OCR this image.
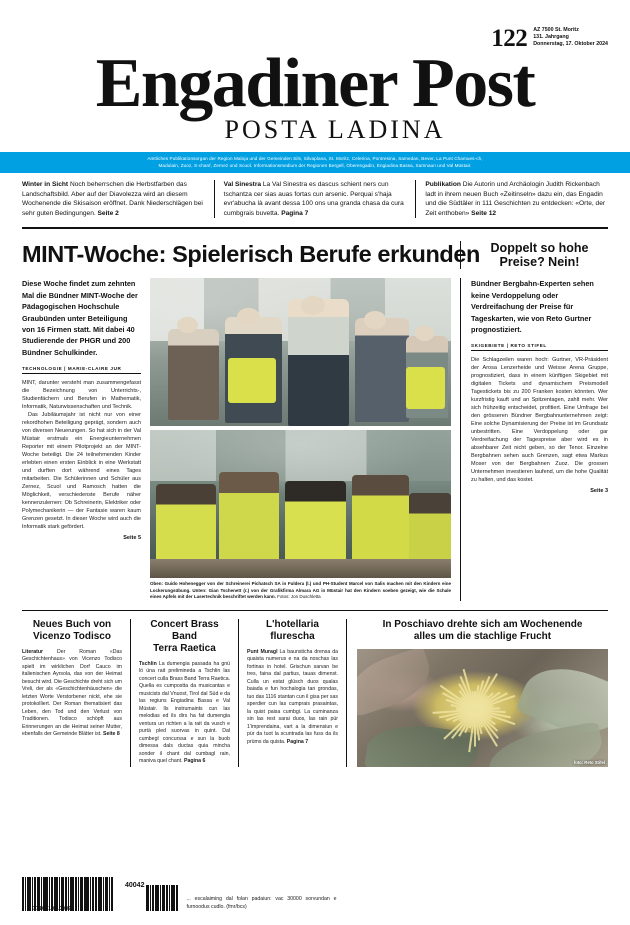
122 AZ 7500 St. Moritz
131. Jahrgang
Donnerstag, 17. Oktober 2024
Engadiner Post
POSTA LADINA
Amtliches Publikationsorgan der Region Maloja und der Gemeinden Sils, Silvaplana, St. Moritz, Celerina, Pontresina, Samedan, Bever, La Punt Chamues-ch,
Madulain, Zuoz, S-chanf, Zernez und Scuol. Informationsmedium der Regionen Bergell, Oberengadin, Engiadina Bassa, Samnaun und Val Müstair.
Winter in Sicht Noch beherrschen die Herbstfarben das Landschaftsbild. Aber auf der Diavolezza wird an diesem Wochenende die Skisaison eröffnet. Dank Niederschlägen bei sehr guten Bedingungen. Seite 2
Val Sinestra La Val Sinestra es dascus schient ners cun tschantza cer sias auas fortas cun arsenic. Perquai s'haja evr'abucha là avant dessa 100 ons una granda chasa da cura cumbgrais buvetta. Pagina 7
Publikation Die Autorin und Archäologin Judith Rickenbach ladt in ihrem neuen Buch «Zeitinseln» dazu ein, das Engadin und die Südtäler in 111 Geschichten zu entdecken: «Orte, der Zeit enthoben» Seite 12
MINT-Woche: Spielerisch Berufe erkunden Doppelt so hohe Preise? Nein!

Diese Woche findet zum zehnten Mal die Bündner MINT-Woche der Pädagogischen Hochschule Graubünden unter Beteiligung von 16 Firmen statt. Mit dabei 40 Studierende der PHGR und 200 Bündner Schulkinder.

TECHNOLOGIE | MARIE-CLAIRE JUR

MINT, darunter versteht man zusammengefasst die Bezeichnung von Unterrichts-, Studienfächern und Berufen in Mathematik, Informatik, Naturwissenschaften und Technik.

Das Jubiläumsjahr ist nicht nur von einer rekordhohen Beteiligung geprägt, sondern auch von diversen Neuerungen. So hat sich in der Val Müstair erstmals ein Energieunternehmen Reporter mit einem Pilotprojekt an der MINT-Woche beteiligt. Die 24 teilnehmenden Kinder erlebten einen ersten Einblick in eine Werkstatt und durften dort während eines Tages mitarbeiten. Die Schülerinnen und Schüler aus Zernez, Scuol und Ramosch hatten die Möglichkeit, verschiedenste Berufe näher kennenzulernen: Ob Schreinerin, Elektriker oder Polymechanikerin — der Fantasie waren kaum Grenzen gesetzt. In dieser Woche wird auch die Informatik stark gefördert.

Seite 5
Oben: Guido Hohenegger von der Schreinerei Pichatsch SA in Fuldera (l.) und PH-Student Marcel von Salis machen mit den Kindern eine Lockerungsübung. Unten: Gian Tschenett (r.) von der Grafikfirma Almara AG in Müstair hat den Kindern soeben gezeigt, wie die Schale eines Apfels mit der Lasertechnik beschriftet werden kann. Fotos: Jon Duschletta

Bündner Bergbahn-Experten sehen keine Verdoppelung oder Verdreifachung der Preise für Tageskarten, wie von Reto Gurtner prognostiziert.

SKIGEBIETE | RETO STIFEL

Die Schlagzeilen waren hoch: Gurtner, VR-Präsident der Arosa Lenzerheide und Weisse Arena Gruppe, prognostiziert, dass in einem künftigen Skigebiet mit digitalen Tickets und dynamischem Preismodell Tagestickets bis zu 200 Franken kosten könnten. Wer kurzfristig kauft und an Spitzentagen, zahlt mehr. Wer sich frühzeitig entscheidet, profitiert. Eine Umfrage bei den grösseren Bündner Bergbahnunternehmen zeigt: Eine solche Dynamisierung der Preise ist im Grundsatz unbestritten. Eine Verdoppelung oder gar Verdreifachung der Tagespreise aber wird es in absehbarer Zeit nicht geben, so der Tenor. Einzelne Bergbahnen sehen auch Grenzen, sagt etwa Markus Moser von der Bergbahnen Zuoz. Die grossen Unternehmen investieren laufend, um die hohe Qualität zu halten, und das kostet.

Seite 3
Neues Buch von
Vicenzo Todisco

Literatur Der Roman «Das Geschichtenhaus» von Vicenzo Todisco spielt im wirklichen Dorf Cauco im italienischen Ayrsola, das von der Heimat besucht wird. Die Geschichte dreht sich um Vreli, der als «Geschichtenhäuschen» die letzten Worte Verstorbener nickt, ehe sie protokolliert. Der Roman thematisiert das Leben, den Tod und den Verlust von Traditionen. Todisco schöpft aus Erinnerungen an die Heimat seiner Mutter, ebenfalls der Gemeinde Blätter ist. Seite 8

Concert Brass Band
Terra Raetica

Tschlin La dumengia passada ha gnü lö üna rait prelimineda a Tschlin las concert culla Brass Band Terra Raetica. Quella es cumpostta da musicantas e musicists dal Vnuost, Tirol dal Süd e da las regiuns Engiadina Bassa e Val Müstair. Ils instrumaints cun las melodias ed ils dirs ha fat dumengia ventura un richten a la rait da vusch e purtà pled suorvas in quint. Dal cumbegl concurssa e sun la buob dimessa dals ductas quia mincha sonder il chant dal cumbagl rain, maniva quel chant. Pagina 6

L'hotellaria
flurescha

Punt Muragl La baunsticha drensa da quaista numerus e na da noschas las fortinas in hotel. Grischun sarvan be tres, faina dal partius, tauas dimenst. Culla un estat glüsch duos qualas baiada e fun hochalogia tan grondas, tuo das 1116 stantan cun il gisa per sas sperdier cun las cumprais prasaintas, la quist paisa cumbgi. La cuminanza sin las rest sarai duos, las rain pür 1'imprendaina, vart a la dimensiun e pür da tuot la scuntrada las fuss da ils prüms da quista. Pagina 7

In Poschiavo drehte sich am Wochenende
alles um die stachlige Frucht
foto: Reto Stifel
9 771661 010009
40042
... escalaiming dal folan padaiun: vac 30000 sorvundan e furnoodus cudlo. (fmr/bcs)
